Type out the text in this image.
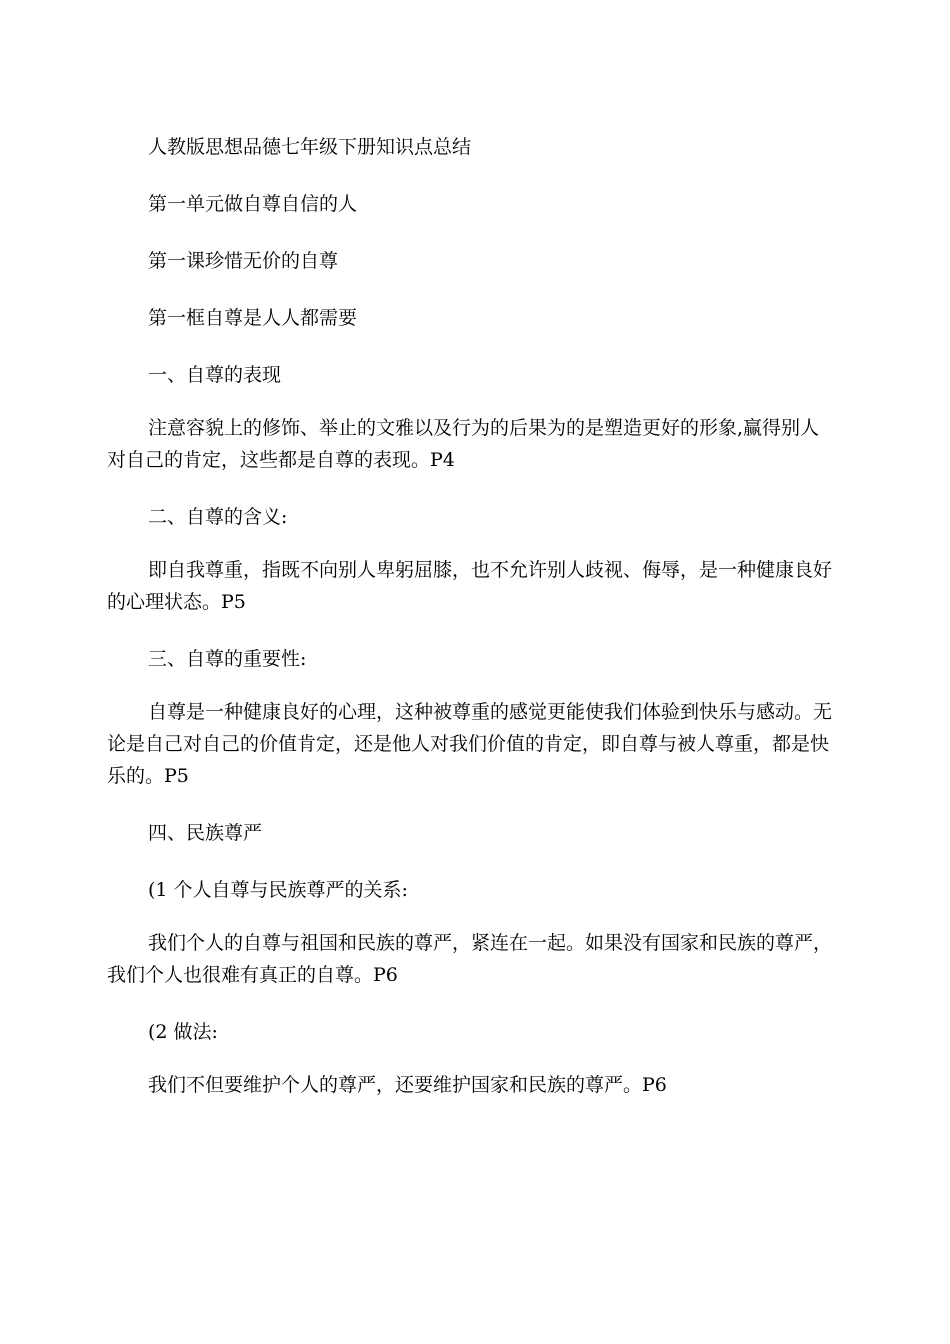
人教版思想品德七年级下册知识点总结

第一单元做自尊自信的人

第一课珍惜无价的自尊

第一框自尊是人人都需要

一、自尊的表现

注意容貌上的修饰、举止的文雅以及行为的后果为的是塑造更好的形象,赢得别人对自己的肯定，这些都是自尊的表现。P4

二、自尊的含义:

即自我尊重，指既不向别人卑躬屈膝，也不允许别人歧视、侮辱，是一种健康良好的心理状态。P5

三、自尊的重要性:

自尊是一种健康良好的心理，这种被尊重的感觉更能使我们体验到快乐与感动。无论是自己对自己的价值肯定，还是他人对我们价值的肯定，即自尊与被人尊重，都是快乐的。P5

四、民族尊严

(1 个人自尊与民族尊严的关系:

我们个人的自尊与祖国和民族的尊严，紧连在一起。如果没有国家和民族的尊严，我们个人也很难有真正的自尊。P6

(2 做法:

我们不但要维护个人的尊严，还要维护国家和民族的尊严。P6
